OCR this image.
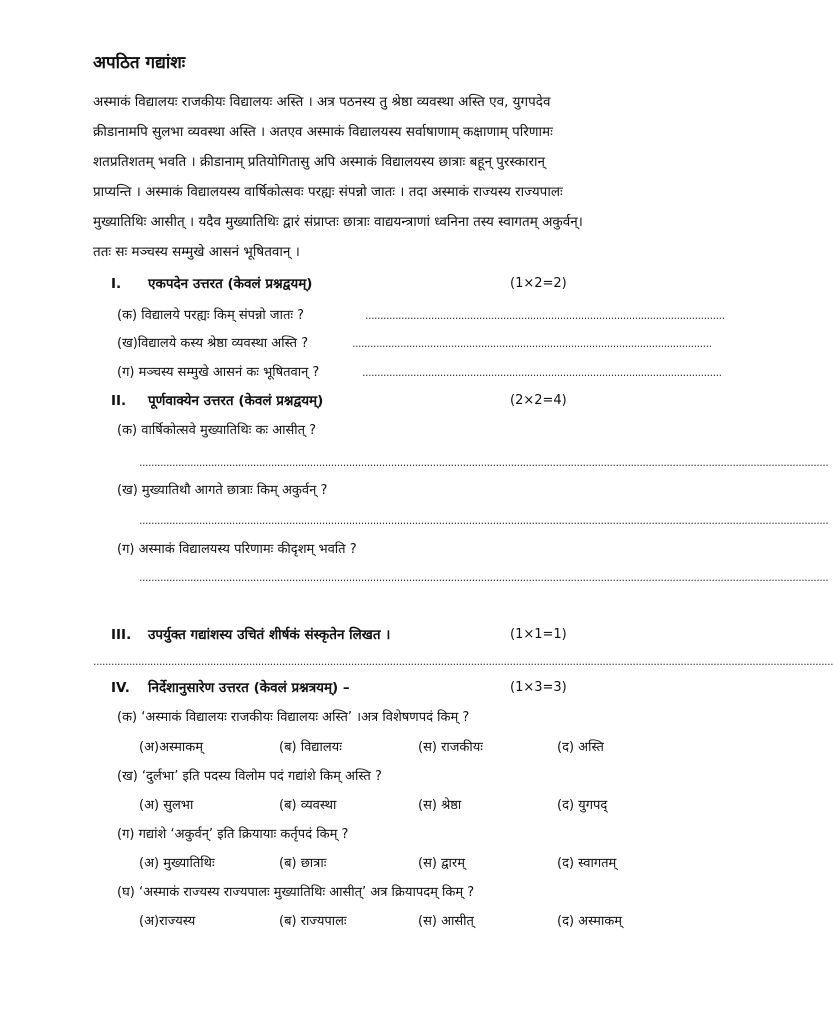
अपठित गद्यांशः
अस्माकं विद्यालयः राजकीयः विद्यालयः अस्ति । अत्र पठनस्य तु श्रेष्ठा व्यवस्था अस्ति एव, युगपदेव
क्रीडानामपि सुलभा व्यवस्था अस्ति । अतएव अस्माकं विद्यालयस्य सर्वाषाणाम् कक्षाणाम् परिणामः
शतप्रतिशतम् भवति । क्रीडानाम् प्रतियोगितासु अपि अस्माकं विद्यालयस्य छात्राः बहून् पुरस्कारान्
प्राप्यन्ति । अस्माकं विद्यालयस्य वार्षिकोत्सवः परह्यः संपन्नो जातः । तदा अस्माकं राज्यस्य राज्यपालः
मुख्यातिथिः आसीत् । यदैव मुख्यातिथिः द्वारं संप्राप्तः छात्राः वाद्ययन्त्राणां ध्वनिना तस्य स्वागतम् अकुर्वन्।
ततः सः मञ्चस्य सम्मुखे आसनं भूषितवान् ।
I. एकपदेन उत्तरत (केवलं प्रश्नद्वयम्)	(1×2=2)
(क) विद्यालये परह्यः किम् संपन्नो जातः ?	........................................................................................................................
(ख)विद्यालये कस्य श्रेष्ठा व्यवस्था अस्ति ?	........................................................................................................................
(ग) मञ्चस्य सम्मुखे आसनं कः भूषितवान् ?	........................................................................................................................
II. पूर्णवाक्येन उत्तरत (केवलं प्रश्नद्वयम्)	(2×2=4)
(क) वार्षिकोत्सवे मुख्यातिथिः कः आसीत् ?
......................................................................................................................................................................................................................................
(ख) मुख्यातिथौ आगते छात्राः किम् अकुर्वन् ?
......................................................................................................................................................................................................................................
(ग) अस्माकं विद्यालयस्य परिणामः कीदृशम् भवति ?
......................................................................................................................................................................................................................................
III. उपर्युक्त गद्यांशस्य उचितं शीर्षकं संस्कृतेन लिखत ।	(1×1=1)
.......................................................................................................................................................................................................................................................
IV. निर्देशानुसारेण उत्तरत (केवलं प्रश्नत्रयम्) –	(1×3=3)
(क) ‘अस्माकं विद्यालयः राजकीयः विद्यालयः अस्ति’ ।अत्र विशेषणपदं किम् ?
(अ)अस्माकम्	(ब) विद्यालयः	(स) राजकीयः	(द) अस्ति
(ख) ‘दुर्लभा’ इति पदस्य विलोम पदं गद्यांशे किम् अस्ति ?
(अ) सुलभा	(ब) व्यवस्था	(स) श्रेष्ठा	(द) युगपद्
(ग) गद्यांशे ‘अकुर्वन्’ इति क्रियायाः कर्तृपदं किम् ?
(अ) मुख्यातिथिः	(ब) छात्राः	(स) द्वारम्	(द) स्वागतम्
(घ) ‘अस्माकं राज्यस्य राज्यपालः मुख्यातिथिः आसीत्’ अत्र क्रियापदम् किम् ?
(अ)राज्यस्य	(ब) राज्यपालः	(स) आसीत्	(द) अस्माकम्
